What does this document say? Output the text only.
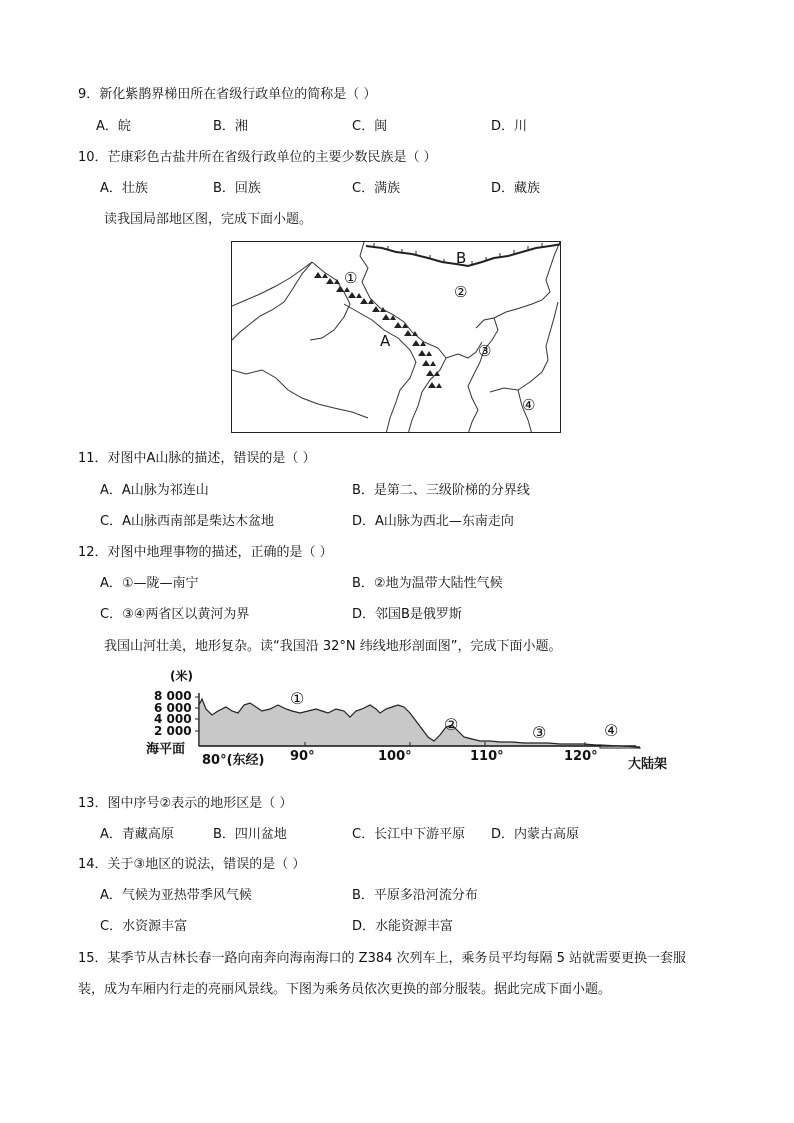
9．新化紫鹊界梯田所在省级行政单位的简称是（ ）
A．皖	B．湘	C．闽	D．川
10．芒康彩色古盐井所在省级行政单位的主要少数民族是（ ）
A．壮族	B．回族	C．满族	D．藏族
读我国局部地区图，完成下面小题。
B
①
②
A
③
④
11．对图中A山脉的描述，错误的是（ ）
A．A山脉为祁连山	B．是第二、三级阶梯的分界线
C．A山脉西南部是柴达木盆地	D．A山脉为西北—东南走向
12．对图中地理事物的描述，正确的是（ ）
A．①—陇—南宁	B．②地为温带大陆性气候
C．③④两省区以黄河为界	D．邻国B是俄罗斯
我国山河壮美，地形复杂。读“我国沿 32°N 纬线地形剖面图”，完成下面小题。
(米)
8 000
6 000
4 000
2 000
海平面
80°(东经) 90°	100°	110°	120°
大陆架
①
②	③	④
13．图中序号②表示的地形区是（ ）
A．青藏高原	B．四川盆地	C．长江中下游平原 D．内蒙古高原
14．关于③地区的说法，错误的是（ ）
A．气候为亚热带季风气候	B．平原多沿河流分布
C．水资源丰富	D．水能资源丰富
15．某季节从吉林长春一路向南奔向海南海口的 Z384 次列车上，乘务员平均每隔 5 站就需要更换一套服
装，成为车厢内行走的亮丽风景线。下图为乘务员依次更换的部分服装。据此完成下面小题。
